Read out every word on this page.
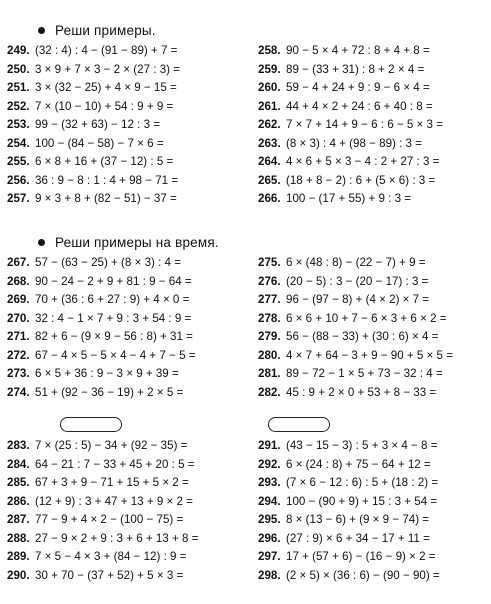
Реши примеры.
249. (32 : 4) : 4 − (91 − 89) + 7 =
250. 3 × 9 + 7 × 3 − 2 × (27 : 3) =
251. 3 × (32 − 25) + 4 × 9 − 15 =
252. 7 × (10 − 10) + 54 : 9 + 9 =
253. 99 − (32 + 63) − 12 : 3 =
254. 100 − (84 − 58) − 7 × 6 =
255. 6 × 8 + 16 + (37 − 12) : 5 =
256. 36 : 9 − 8 : 1 : 4 + 98 − 71 =
257. 9 × 3 + 8 + (82 − 51) − 37 =
258. 90 − 5 × 4 + 72 : 8 + 4 + 8 =
259. 89 − (33 + 31) : 8 + 2 × 4 =
260. 59 − 4 + 24 + 9 : 9 − 6 × 4 =
261. 44 + 4 × 2 + 24 : 6 + 40 : 8 =
262. 7 × 7 + 14 + 9 − 6 : 6 − 5 × 3 =
263. (8 × 3) : 4 + (98 − 89) : 3 =
264. 4 × 6 + 5 × 3 − 4 : 2 + 27 : 3 =
265. (18 + 8 − 2) : 6 + (5 × 6) : 3 =
266. 100 − (17 + 55) + 9 : 3 =
Реши примеры на время.
267. 57 − (63 − 25) + (8 × 3) : 4 =
268. 90 − 24 − 2 + 9 + 81 : 9 − 64 =
269. 70 + (36 : 6 + 27 : 9) + 4 × 0 =
270. 32 : 4 − 1 × 7 + 9 : 3 + 54 : 9 =
271. 82 + 6 − (9 × 9 − 56 : 8) + 31 =
272. 67 − 4 × 5 − 5 × 4 − 4 + 7 − 5 =
273. 6 × 5 + 36 : 9 − 3 × 9 + 39 =
274. 51 + (92 − 36 − 19) + 2 × 5 =
275. 6 × (48 : 8) − (22 − 7) + 9 =
276. (20 − 5) : 3 − (20 − 17) : 3 =
277. 96 − (97 − 8) + (4 × 2) × 7 =
278. 6 × 6 + 10 + 7 − 6 × 3 + 6 × 2 =
279. 56 − (88 − 33) + (30 : 6) × 4 =
280. 4 × 7 + 64 − 3 + 9 − 90 + 5 × 5 =
281. 89 − 72 − 1 × 5 + 73 − 32 : 4 =
282. 45 : 9 + 2 × 0 + 53 + 8 − 33 =
283. 7 × (25 : 5) − 34 + (92 − 35) =
284. 64 − 21 : 7 − 33 + 45 + 20 : 5 =
285. 67 + 3 + 9 − 71 + 15 + 5 × 2 =
286. (12 + 9) : 3 + 47 + 13 + 9 × 2 =
287. 77 − 9 + 4 × 2 − (100 − 75) =
288. 27 − 9 × 2 + 9 : 3 + 6 + 13 + 8 =
289. 7 × 5 − 4 × 3 + (84 − 12) : 9 =
290. 30 + 70 − (37 + 52) + 5 × 3 =
291. (43 − 15 − 3) : 5 + 3 × 4 − 8 =
292. 6 × (24 : 8) + 75 − 64 + 12 =
293. (7 × 6 − 12 : 6) : 5 + (18 : 2) =
294. 100 − (90 + 9) + 15 : 3 + 54 =
295. 8 × (13 − 6) + (9 × 9 − 74) =
296. (27 : 9) × 6 + 34 − 17 + 11 =
297. 17 + (57 + 6) − (16 − 9) × 2 =
298. (2 × 5) × (36 : 6) − (90 − 90) =
